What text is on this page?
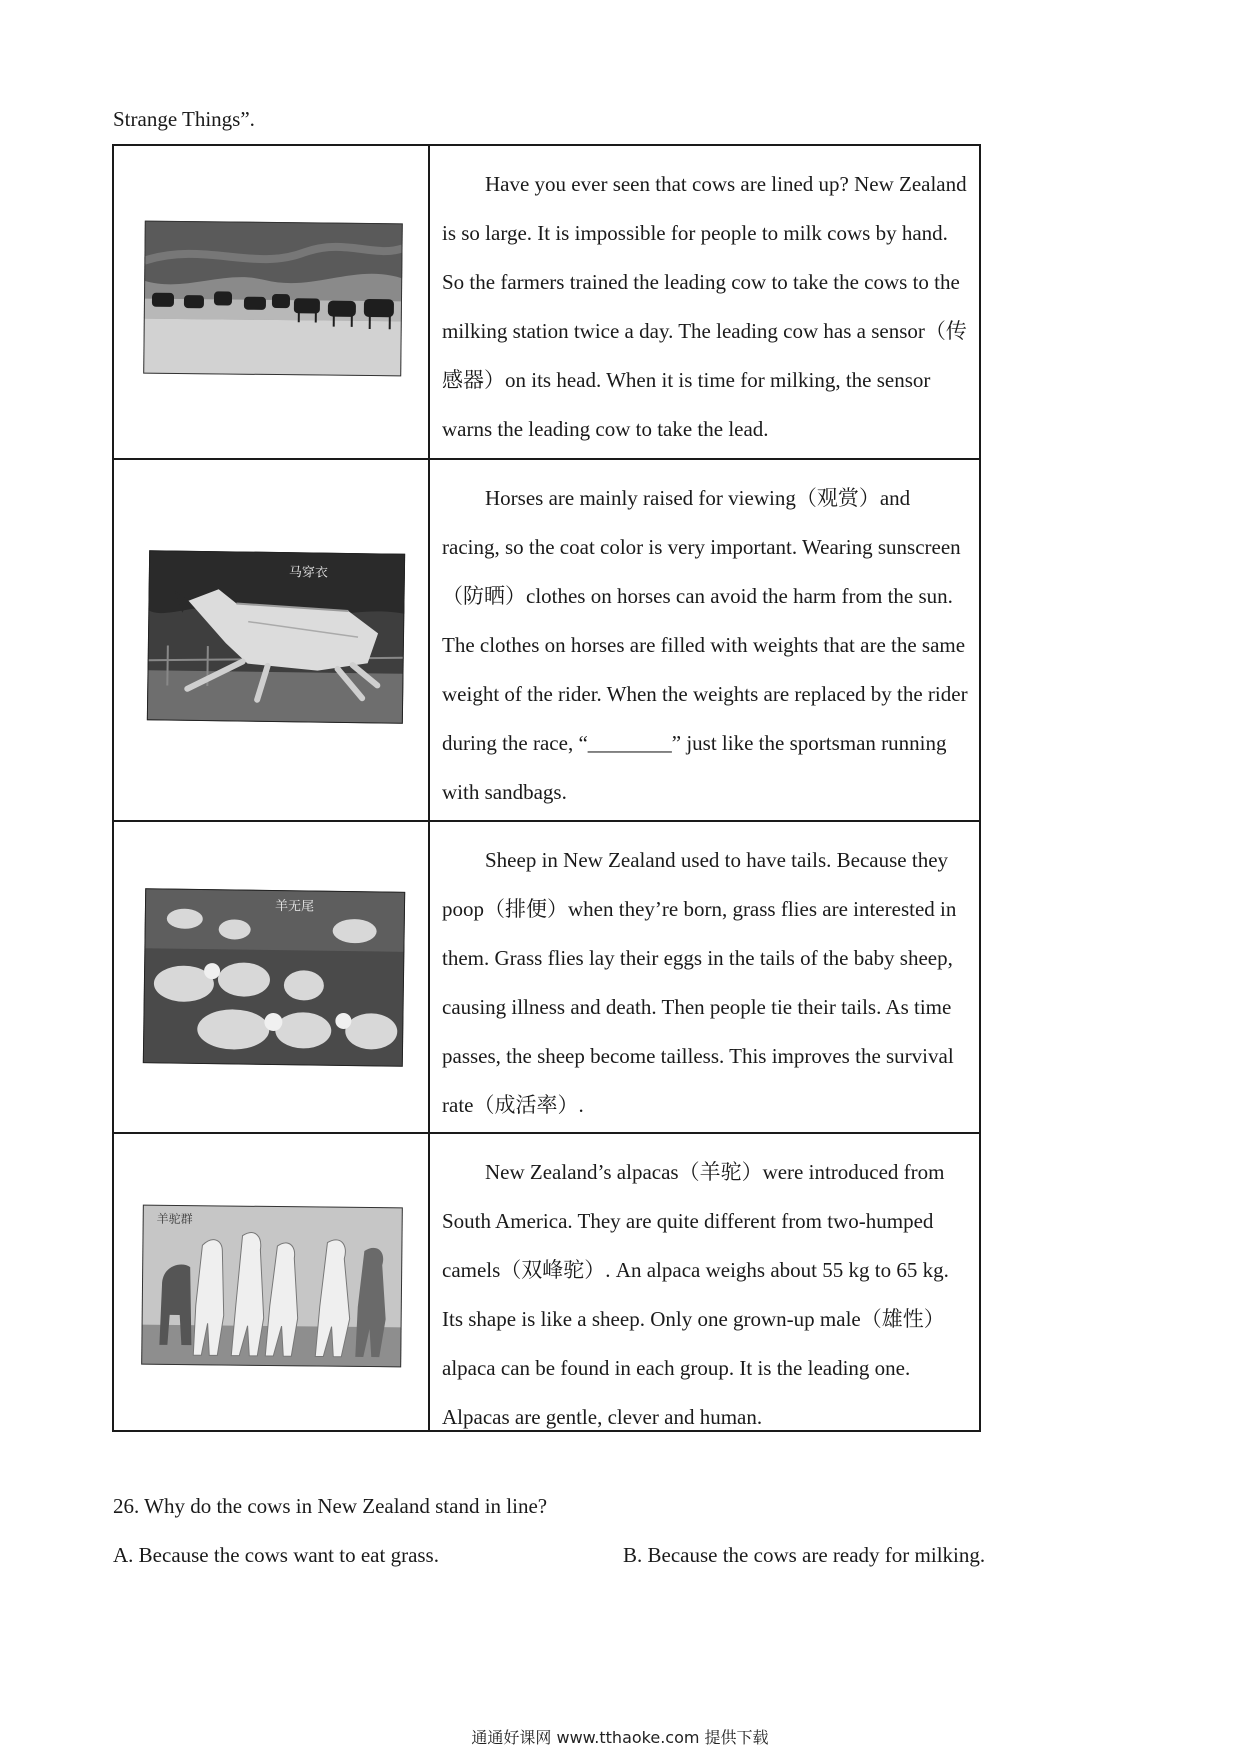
Strange Things”.

Have you ever seen that cows are lined up? New Zealand is so large. It is impossible for people to milk cows by hand. So the farmers trained the leading cow to take the cows to the milking station twice a day. The leading cow has a sensor（传感器）on its head. When it is time for milking, the sensor warns the leading cow to take the lead.

马穿衣

Horses are mainly raised for viewing（观赏）and racing, so the coat color is very important. Wearing sunscreen（防晒）clothes on horses can avoid the harm from the sun. The clothes on horses are filled with weights that are the same weight of the rider. When the weights are replaced by the rider during the race, “________” just like the sportsman running with sandbags.

羊无尾

Sheep in New Zealand used to have tails. Because they poop（排便）when they’re born, grass flies are interested in them. Grass flies lay their eggs in the tails of the baby sheep, causing illness and death. Then people tie their tails. As time passes, the sheep become tailless. This improves the survival rate（成活率）.

羊驼群

New Zealand’s alpacas（羊驼）were introduced from South America. They are quite different from two-humped camels（双峰驼）. An alpaca weighs about 55 kg to 65 kg. Its shape is like a sheep. Only one grown-up male（雄性）alpaca can be found in each group. It is the leading one. Alpacas are gentle, clever and human.

26. Why do the cows in New Zealand stand in line?
A. Because the cows want to eat grass.	B. Because the cows are ready for milking.
通通好课网 www.tthaoke.com 提供下载
